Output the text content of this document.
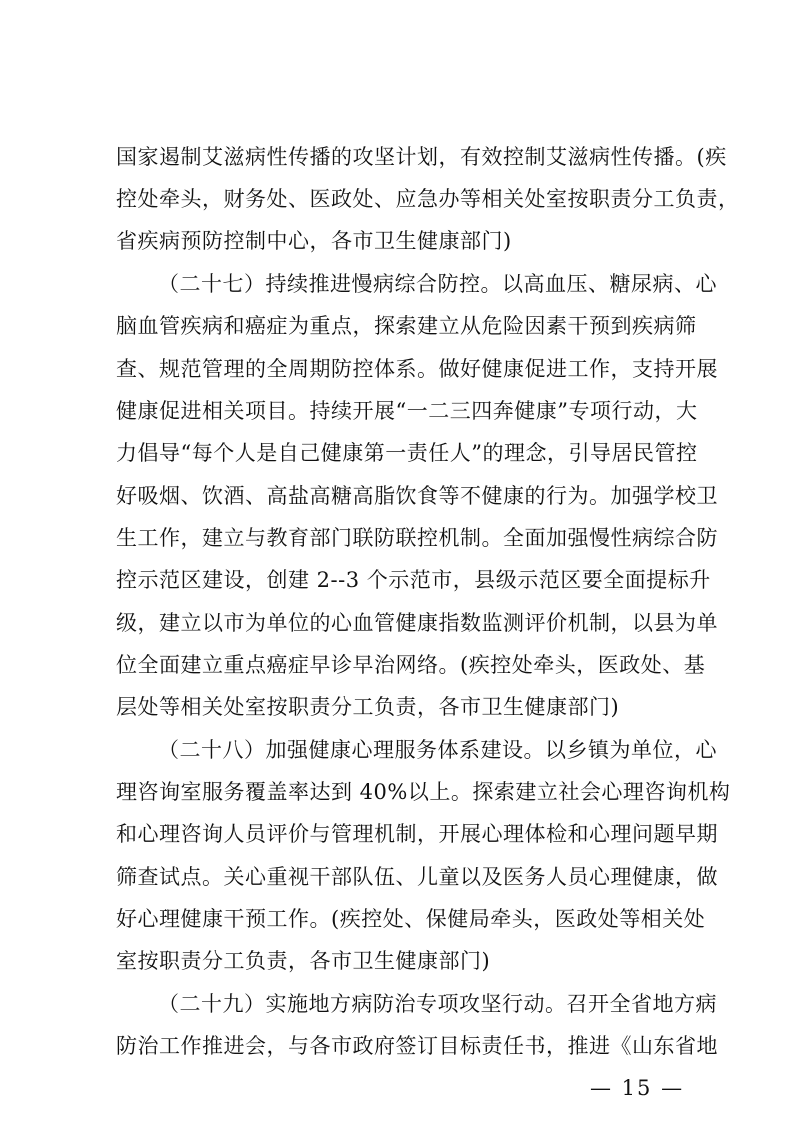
国家遏制艾滋病性传播的攻坚计划，有效控制艾滋病性传播。(疾
控处牵头，财务处、医政处、应急办等相关处室按职责分工负责，
省疾病预防控制中心，各市卫生健康部门)
（二十七）持续推进慢病综合防控。以高血压、糖尿病、心
脑血管疾病和癌症为重点，探索建立从危险因素干预到疾病筛
查、规范管理的全周期防控体系。做好健康促进工作，支持开展
健康促进相关项目。持续开展“一二三四奔健康”专项行动，大
力倡导“每个人是自己健康第一责任人”的理念，引导居民管控
好吸烟、饮酒、高盐高糖高脂饮食等不健康的行为。加强学校卫
生工作，建立与教育部门联防联控机制。全面加强慢性病综合防
控示范区建设，创建 2--3 个示范市，县级示范区要全面提标升
级，建立以市为单位的心血管健康指数监测评价机制，以县为单
位全面建立重点癌症早诊早治网络。(疾控处牵头，医政处、基
层处等相关处室按职责分工负责，各市卫生健康部门)
（二十八）加强健康心理服务体系建设。以乡镇为单位，心
理咨询室服务覆盖率达到 40%以上。探索建立社会心理咨询机构
和心理咨询人员评价与管理机制，开展心理体检和心理问题早期
筛查试点。关心重视干部队伍、儿童以及医务人员心理健康，做
好心理健康干预工作。(疾控处、保健局牵头，医政处等相关处
室按职责分工负责，各市卫生健康部门)
（二十九）实施地方病防治专项攻坚行动。召开全省地方病
防治工作推进会，与各市政府签订目标责任书，推进《山东省地
— 15 —
